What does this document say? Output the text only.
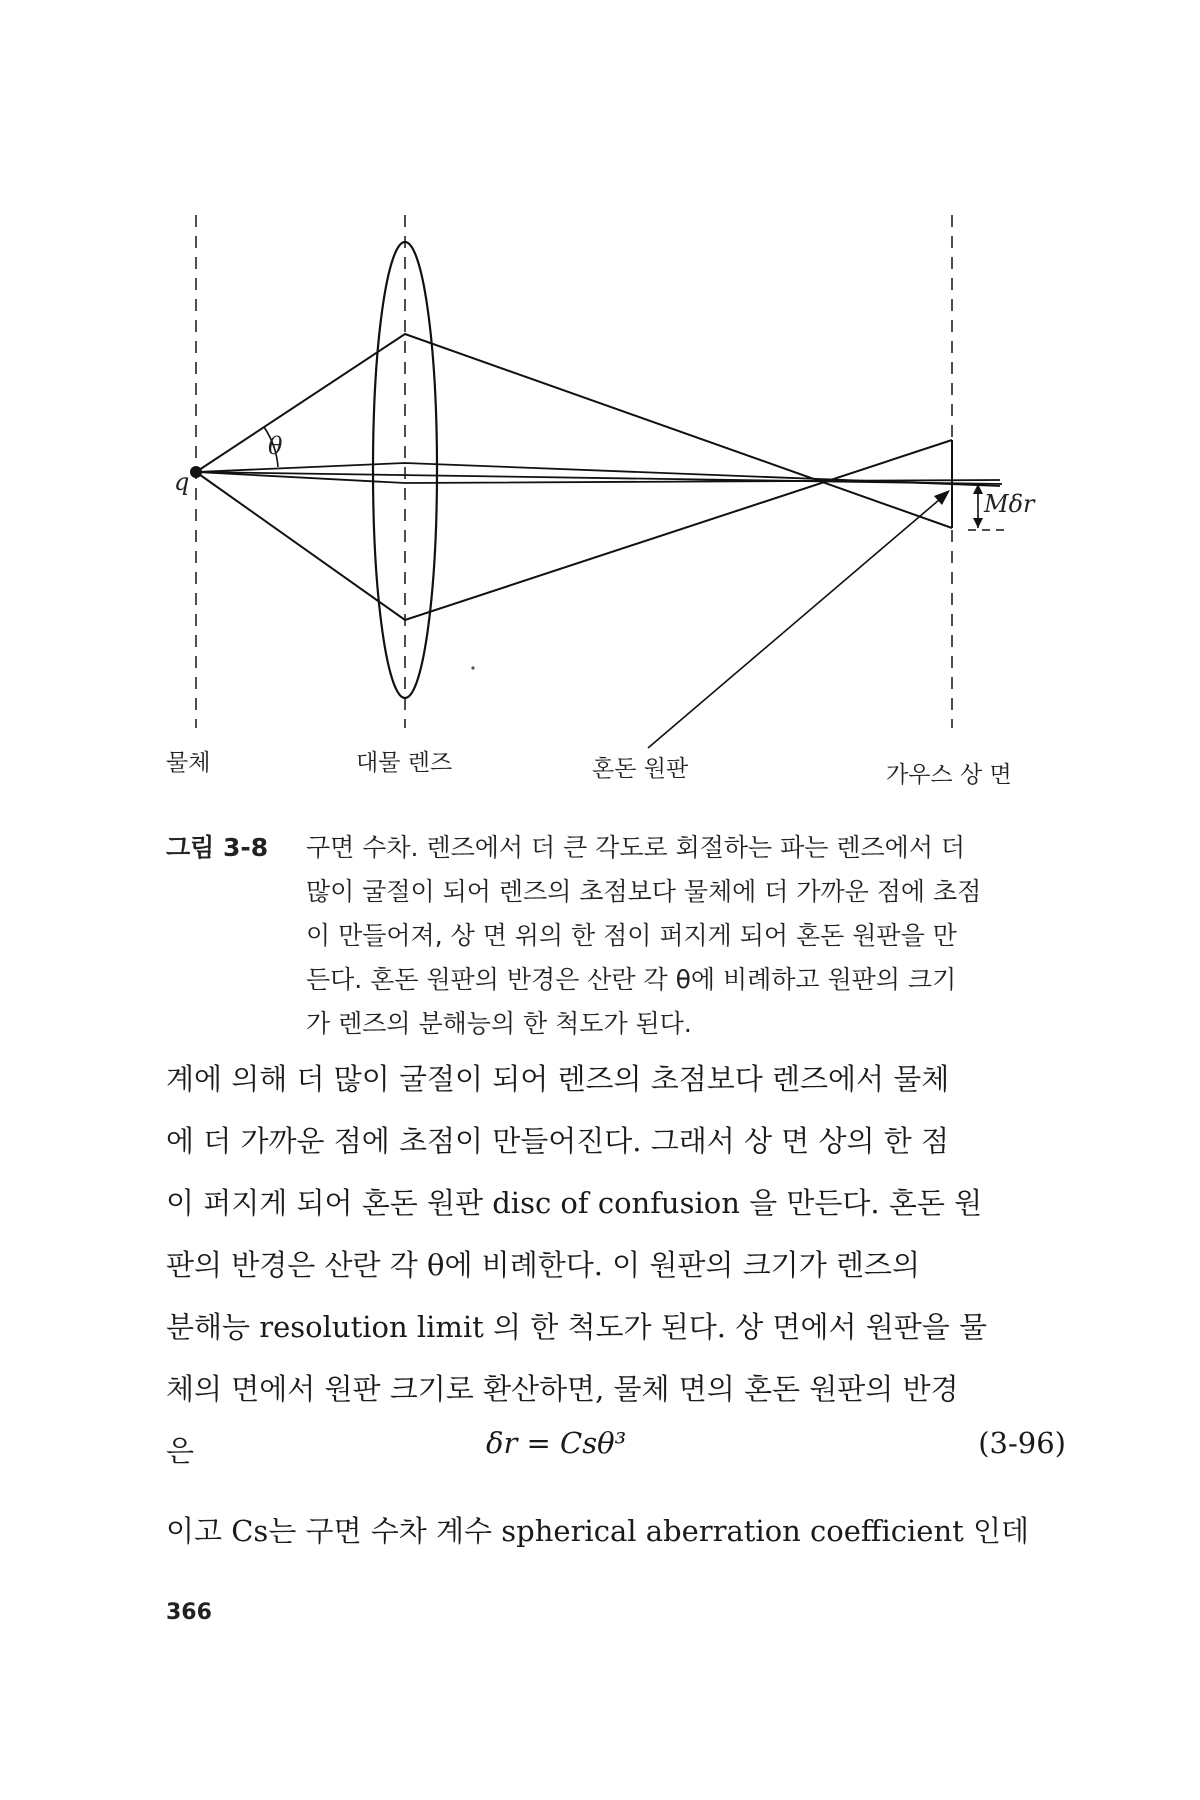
q
θ
Mδr
물체	대물 렌즈	혼돈 원판	가우스 상 면
그림 3-8 구면 수차. 렌즈에서 더 큰 각도로 회절하는 파는 렌즈에서 더
많이 굴절이 되어 렌즈의 초점보다 물체에 더 가까운 점에 초점
이 만들어져, 상 면 위의 한 점이 퍼지게 되어 혼돈 원판을 만
든다. 혼돈 원판의 반경은 산란 각 θ에 비례하고 원판의 크기
가 렌즈의 분해능의 한 척도가 된다.
계에 의해 더 많이 굴절이 되어 렌즈의 초점보다 렌즈에서 물체
에 더 가까운 점에 초점이 만들어진다. 그래서 상 면 상의 한 점
이 퍼지게 되어 혼돈 원판 disc of confusion 을 만든다. 혼돈 원
판의 반경은 산란 각 θ에 비례한다. 이 원판의 크기가 렌즈의
분해능 resolution limit 의 한 척도가 된다. 상 면에서 원판을 물
체의 면에서 원판 크기로 환산하면, 물체 면의 혼돈 원판의 반경
은	δr = Csθ³	(3-96)
이고 Cs는 구면 수차 계수 spherical aberration coefficient 인데
366
